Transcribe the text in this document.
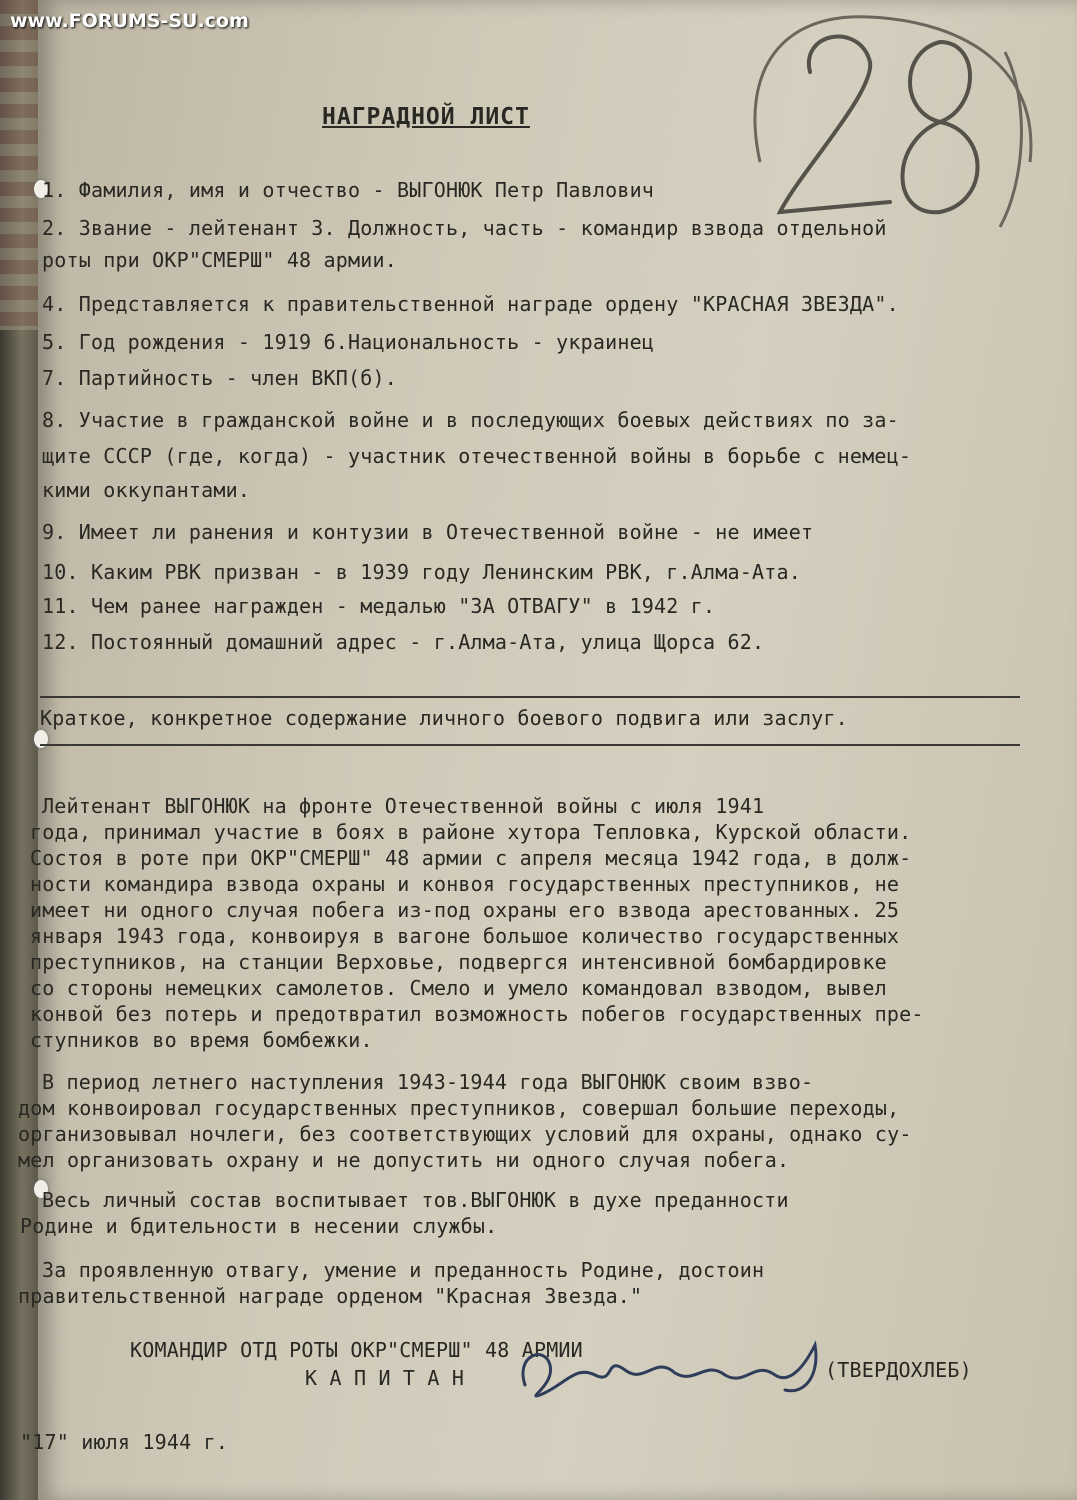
www.FORUMS-SU.com
НАГРАДНОЙ ЛИСТ
1. Фамилия, имя и отчество - ВЫГОНЮК Петр Павлович
2. Звание - лейтенант 3. Должность, часть - командир взвода отдельной
роты при ОКР"СМЕРШ" 48 армии.
4. Представляется к правительственной награде ордену "КРАСНАЯ ЗВЕЗДА".
5. Год рождения - 1919 6.Национальность - украинец
7. Партийность - член ВКП(б).
8. Участие в гражданской войне и в последующих боевых действиях по за-
щите СССР (где, когда) - участник отечественной войны в борьбе с немец-
кими оккупантами.
9. Имеет ли ранения и контузии в Отечественной войне - не имеет
10. Каким РВК призван - в 1939 году Ленинским РВК, г.Алма-Ата.
11. Чем ранее награжден - медалью "ЗА ОТВАГУ" в 1942 г.
12. Постоянный домашний адрес - г.Алма-Ата, улица Щорса 62.
Краткое, конкретное содержание личного боевого подвига или заслуг.
Лейтенант ВЫГОНЮК на фронте Отечественной войны с июля 1941
года, принимал участие в боях в районе хутора Тепловка, Курской области.
Состоя в роте при ОКР"СМЕРШ" 48 армии с апреля месяца 1942 года, в долж-
ности командира взвода охраны и конвоя государственных преступников, не
имеет ни одного случая побега из-под охраны его взвода арестованных. 25
января 1943 года, конвоируя в вагоне большое количество государственных
преступников, на станции Верховье, подвергся интенсивной бомбардировке
со стороны немецких самолетов. Смело и умело командовал взводом, вывел
конвой без потерь и предотвратил возможность побегов государственных пре-
ступников во время бомбежки.
В период летнего наступления 1943-1944 года ВЫГОНЮК своим взво-
дом конвоировал государственных преступников, совершал большие переходы,
организовывал ночлеги, без соответствующих условий для охраны, однако су-
мел организовать охрану и не допустить ни одного случая побега.
Весь личный состав воспитывает тов.ВЫГОНЮК в духе преданности
Родине и бдительности в несении службы.
За проявленную отвагу, умение и преданность Родине, достоин
правительственной награде орденом "Красная Звезда."
КОМАНДИР ОТД РОТЫ ОКР"СМЕРШ" 48 АРМИИ
К А П И Т А Н	(ТВЕРДОХЛЕБ)
"17" июля 1944 г.
